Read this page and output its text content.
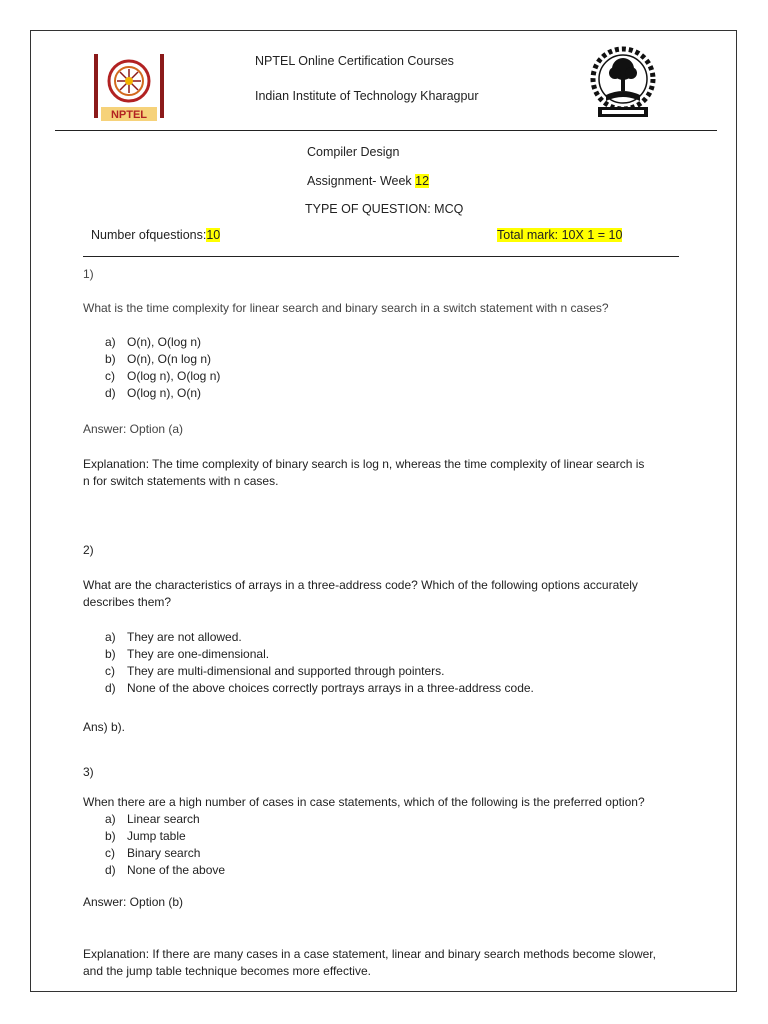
NPTEL
NPTEL Online Certification Courses
Indian Institute of Technology Kharagpur
Compiler Design
Assignment- Week 12
TYPE OF QUESTION: MCQ
Number ofquestions:10	Total mark: 10X 1 = 10
1)
What is the time complexity for linear search and binary search in a switch statement with n cases?
a) O(n), O(log n)
b) O(n), O(n log n)
c) O(log n), O(log n)
d) O(log n), O(n)
Answer: Option (a)
Explanation: The time complexity of binary search is log n, whereas the time complexity of linear search is
n for switch statements with n cases.
2)
What are the characteristics of arrays in a three-address code? Which of the following options accurately
describes them?
a) They are not allowed.
b) They are one-dimensional.
c) They are multi-dimensional and supported through pointers.
d) None of the above choices correctly portrays arrays in a three-address code.
Ans) b).
3)
When there are a high number of cases in case statements, which of the following is the preferred option?
a) Linear search
b) Jump table
c) Binary search
d) None of the above
Answer: Option (b)
Explanation: If there are many cases in a case statement, linear and binary search methods become slower,
and the jump table technique becomes more effective.
